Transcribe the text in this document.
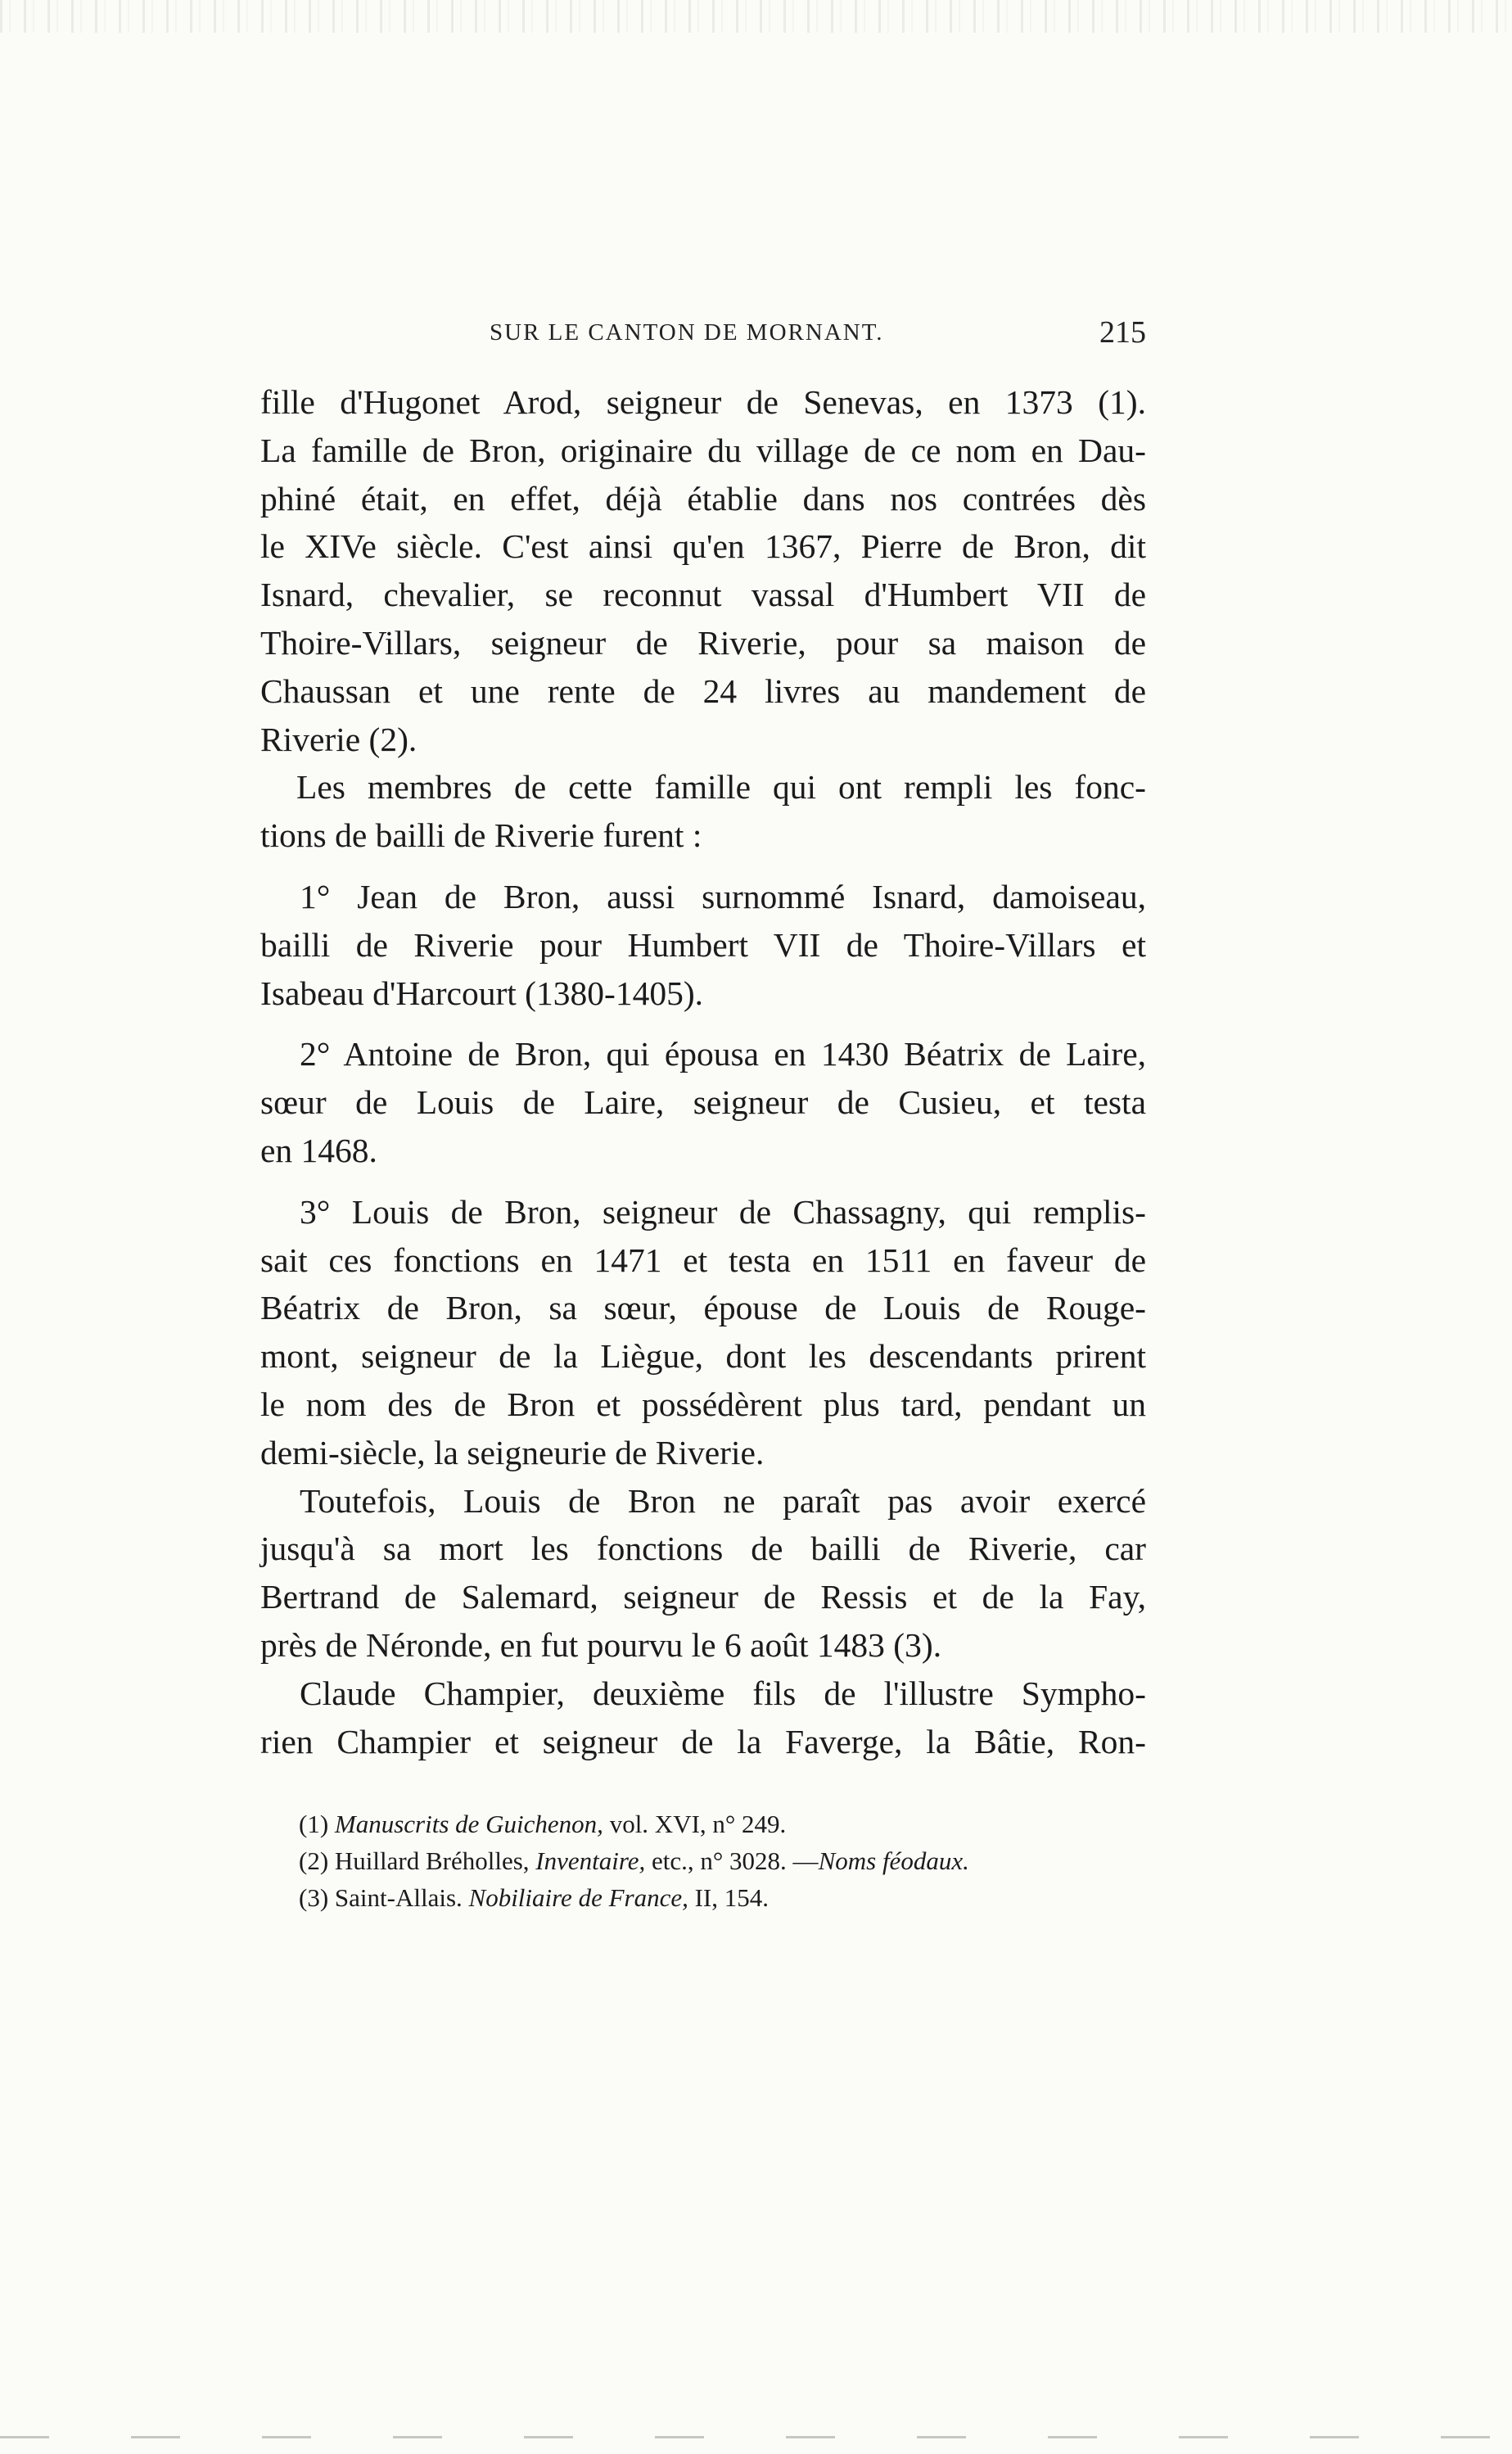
SUR LE CANTON DE MORNANT.	215
fille d'Hugonet Arod, seigneur de Senevas, en 1373 (1).
La famille de Bron, originaire du village de ce nom en Dau-
phiné était, en effet, déjà établie dans nos contrées dès
le XIVe siècle. C'est ainsi qu'en 1367, Pierre de Bron, dit
Isnard, chevalier, se reconnut vassal d'Humbert VII de
Thoire-Villars, seigneur de Riverie, pour sa maison de
Chaussan et une rente de 24 livres au mandement de
Riverie (2).
Les membres de cette famille qui ont rempli les fonc-
tions de bailli de Riverie furent :
1° Jean de Bron, aussi surnommé Isnard, damoiseau,
bailli de Riverie pour Humbert VII de Thoire-Villars et
Isabeau d'Harcourt (1380-1405).
2° Antoine de Bron, qui épousa en 1430 Béatrix de Laire,
sœur de Louis de Laire, seigneur de Cusieu, et testa
en 1468.
3° Louis de Bron, seigneur de Chassagny, qui remplis-
sait ces fonctions en 1471 et testa en 1511 en faveur de
Béatrix de Bron, sa sœur, épouse de Louis de Rouge-
mont, seigneur de la Liègue, dont les descendants prirent
le nom des de Bron et possédèrent plus tard, pendant un
demi-siècle, la seigneurie de Riverie.
Toutefois, Louis de Bron ne paraît pas avoir exercé
jusqu'à sa mort les fonctions de bailli de Riverie, car
Bertrand de Salemard, seigneur de Ressis et de la Fay,
près de Néronde, en fut pourvu le 6 août 1483 (3).
Claude Champier, deuxième fils de l'illustre Sympho-
rien Champier et seigneur de la Faverge, la Bâtie, Ron-
(1) Manuscrits de Guichenon, vol. XVI, n° 249.
(2) Huillard Bréholles, Inventaire, etc., n° 3028. —Noms féodaux.
(3) Saint-Allais. Nobiliaire de France, II, 154.
